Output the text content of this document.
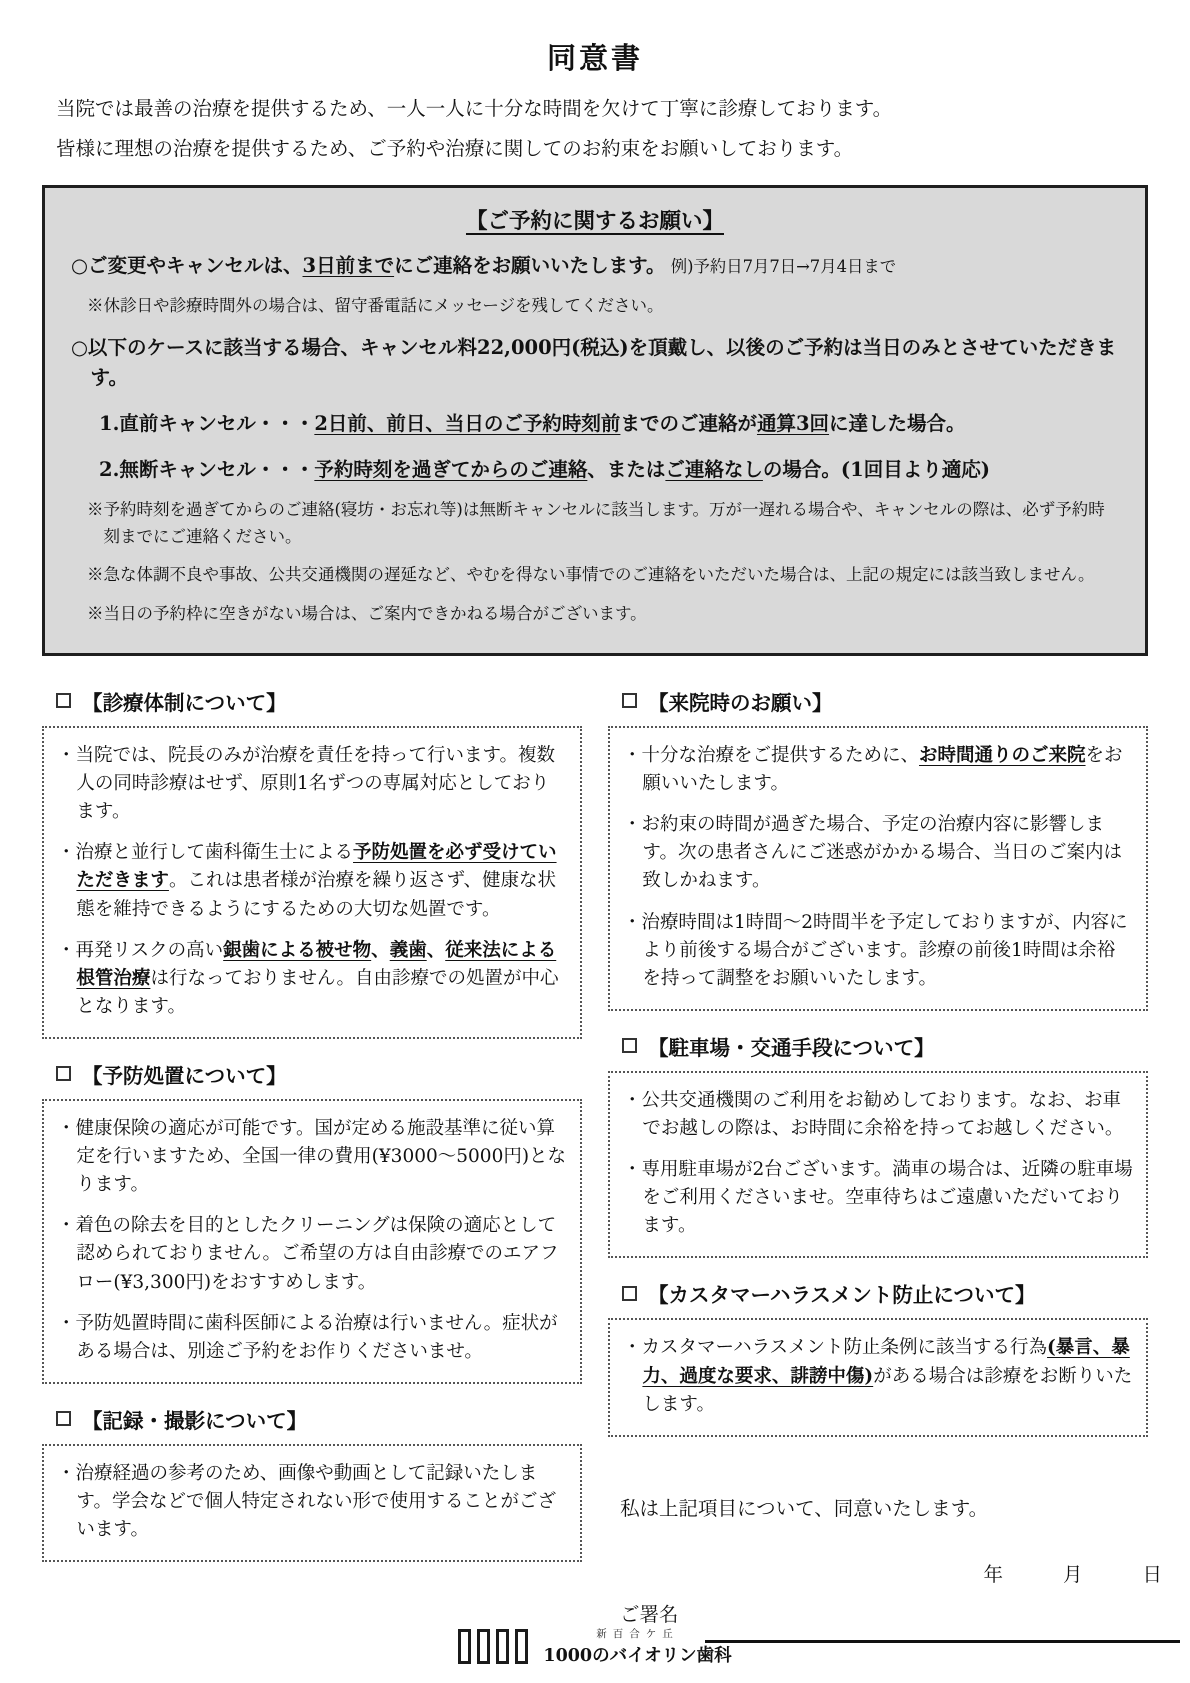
同意書

当院では最善の治療を提供するため、一人一人に十分な時間を欠けて丁寧に診療しております。

皆様に理想の治療を提供するため、ご予約や治療に関してのお約束をお願いしております。

【ご予約に関するお願い】
○ご変更やキャンセルは、3日前までにご連絡をお願いいたします。 例)予約日7月7日→7月4日まで
※休診日や診療時間外の場合は、留守番電話にメッセージを残してください。
○以下のケースに該当する場合、キャンセル料22,000円(税込)を頂戴し、以後のご予約は当日のみとさせていただきます。
1.直前キャンセル・・・2日前、前日、当日のご予約時刻前までのご連絡が通算3回に達した場合。
2.無断キャンセル・・・予約時刻を過ぎてからのご連絡、またはご連絡なしの場合。(1回目より適応)
※予約時刻を過ぎてからのご連絡(寝坊・お忘れ等)は無断キャンセルに該当します。万が一遅れる場合や、キャンセルの際は、必ず予約時刻までにご連絡ください。
※急な体調不良や事故、公共交通機関の遅延など、やむを得ない事情でのご連絡をいただいた場合は、上記の規定には該当致しません。
※当日の予約枠に空きがない場合は、ご案内できかねる場合がございます。
【診療体制について】
・当院では、院長のみが治療を責任を持って行います。複数人の同時診療はせず、原則1名ずつの専属対応としております。
・治療と並行して歯科衛生士による予防処置を必ず受けていただきます。これは患者様が治療を繰り返さず、健康な状態を維持できるようにするための大切な処置です。
・再発リスクの高い銀歯による被せ物、義歯、従来法による根管治療は行なっておりません。自由診療での処置が中心となります。
【予防処置について】
・健康保険の適応が可能です。国が定める施設基準に従い算定を行いますため、全国一律の費用(¥3000～5000円)となります。
・着色の除去を目的としたクリーニングは保険の適応として認められておりません。ご希望の方は自由診療でのエアフロー(¥3,300円)をおすすめします。
・予防処置時間に歯科医師による治療は行いません。症状がある場合は、別途ご予約をお作りくださいませ。
【記録・撮影について】
・治療経過の参考のため、画像や動画として記録いたします。学会などで個人特定されない形で使用することがございます。
【来院時のお願い】
・十分な治療をご提供するために、お時間通りのご来院をお願いいたします。
・お約束の時間が過ぎた場合、予定の治療内容に影響します。次の患者さんにご迷惑がかかる場合、当日のご案内は致しかねます。
・治療時間は1時間～2時間半を予定しておりますが、内容により前後する場合がございます。診療の前後1時間は余裕を持って調整をお願いいたします。
【駐車場・交通手段について】
・公共交通機関のご利用をお勧めしております。なお、お車でお越しの際は、お時間に余裕を持ってお越しください。
・専用駐車場が2台ございます。満車の場合は、近隣の駐車場をご利用くださいませ。空車待ちはご遠慮いただいております。
【カスタマーハラスメント防止について】
・カスタマーハラスメント防止条例に該当する行為(暴言、暴力、過度な要求、誹謗中傷)がある場合は診療をお断りいたします。

私は上記項目について、同意いたします。

年	月	日
ご署名
新百合ケ丘
1000のバイオリン歯科
